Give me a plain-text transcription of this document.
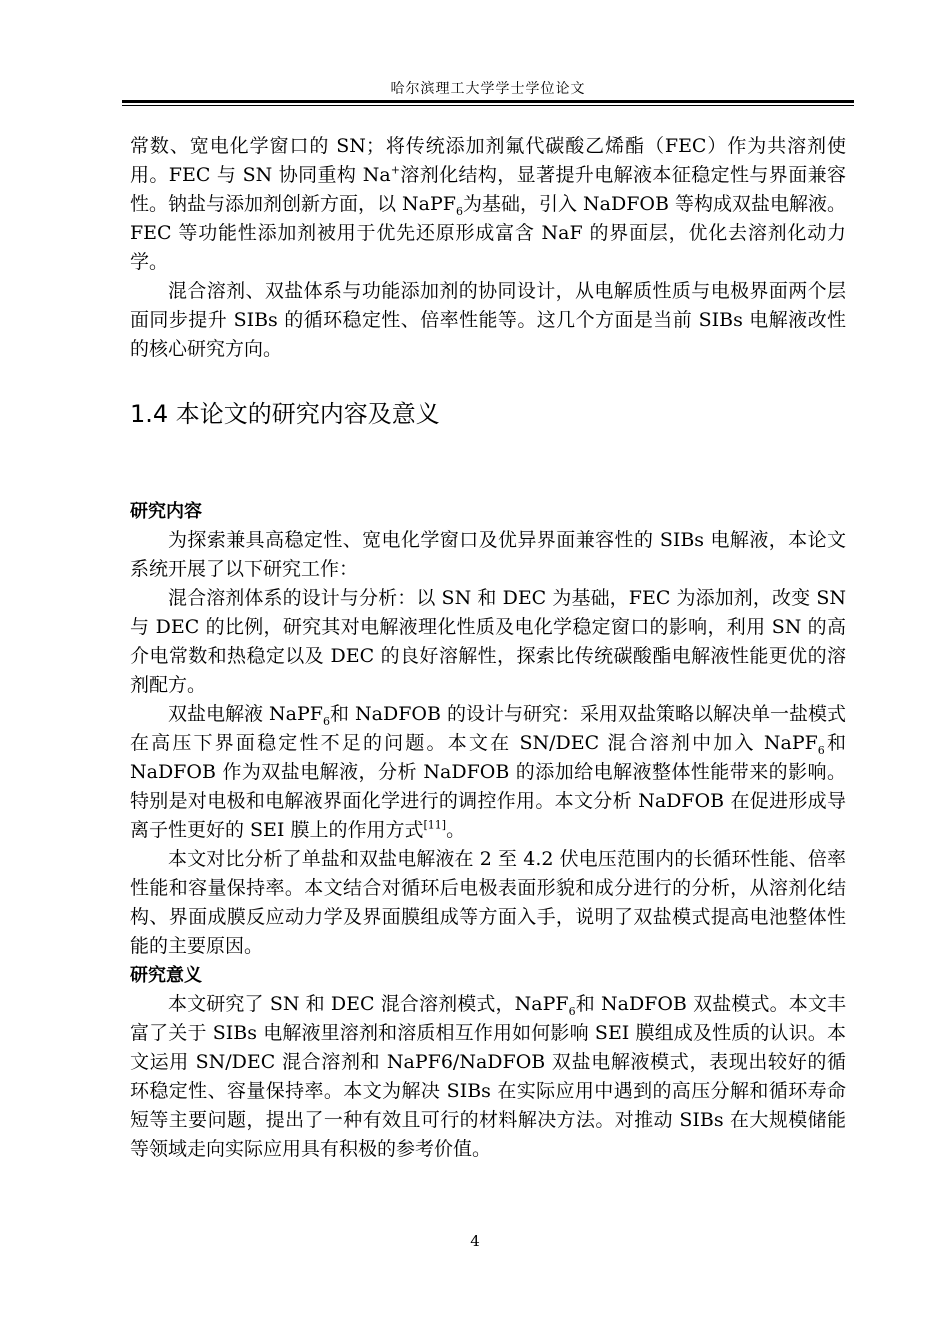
哈尔滨理工大学学士学位论文

常数、宽电化学窗口的 SN；将传统添加剂氟代碳酸乙烯酯（FEC）作为共溶剂使用。FEC 与 SN 协同重构 Na+溶剂化结构，显著提升电解液本征稳定性与界面兼容性。钠盐与添加剂创新方面，以 NaPF$_6$为基础，引入 NaDFOB 等构成双盐电解液。FEC 等功能性添加剂被用于优先还原形成富含 NaF 的界面层，优化去溶剂化动力学。

混合溶剂、双盐体系与功能添加剂的协同设计，从电解质性质与电极界面两个层面同步提升 SIBs 的循环稳定性、倍率性能等。这几个方面是当前 SIBs 电解液改性的核心研究方向。

1.4 本论文的研究内容及意义

研究内容

为探索兼具高稳定性、宽电化学窗口及优异界面兼容性的 SIBs 电解液，本论文系统开展了以下研究工作：

混合溶剂体系的设计与分析：以 SN 和 DEC 为基础，FEC 为添加剂，改变 SN 与 DEC 的比例，研究其对电解液理化性质及电化学稳定窗口的影响，利用 SN 的高介电常数和热稳定以及 DEC 的良好溶解性，探索比传统碳酸酯电解液性能更优的溶剂配方。

双盐电解液 NaPF$_6$和 NaDFOB 的设计与研究：采用双盐策略以解决单一盐模式在高压下界面稳定性不足的问题。本文在 SN/DEC 混合溶剂中加入 NaPF$_6$和 NaDFOB 作为双盐电解液，分析 NaDFOB 的添加给电解液整体性能带来的影响。特别是对电极和电解液界面化学进行的调控作用。本文分析 NaDFOB 在促进形成导离子性更好的 SEI 膜上的作用方式[11]。

本文对比分析了单盐和双盐电解液在 2 至 4.2 伏电压范围内的长循环性能、倍率性能和容量保持率。本文结合对循环后电极表面形貌和成分进行的分析，从溶剂化结构、界面成膜反应动力学及界面膜组成等方面入手，说明了双盐模式提高电池整体性能的主要原因。

研究意义

本文研究了 SN 和 DEC 混合溶剂模式，NaPF$_6$和 NaDFOB 双盐模式。本文丰富了关于 SIBs 电解液里溶剂和溶质相互作用如何影响 SEI 膜组成及性质的认识。本文运用 SN/DEC 混合溶剂和 NaPF6/NaDFOB 双盐电解液模式，表现出较好的循环稳定性、容量保持率。本文为解决 SIBs 在实际应用中遇到的高压分解和循环寿命短等主要问题，提出了一种有效且可行的材料解决方法。对推动 SIBs 在大规模储能等领域走向实际应用具有积极的参考价值。

4
